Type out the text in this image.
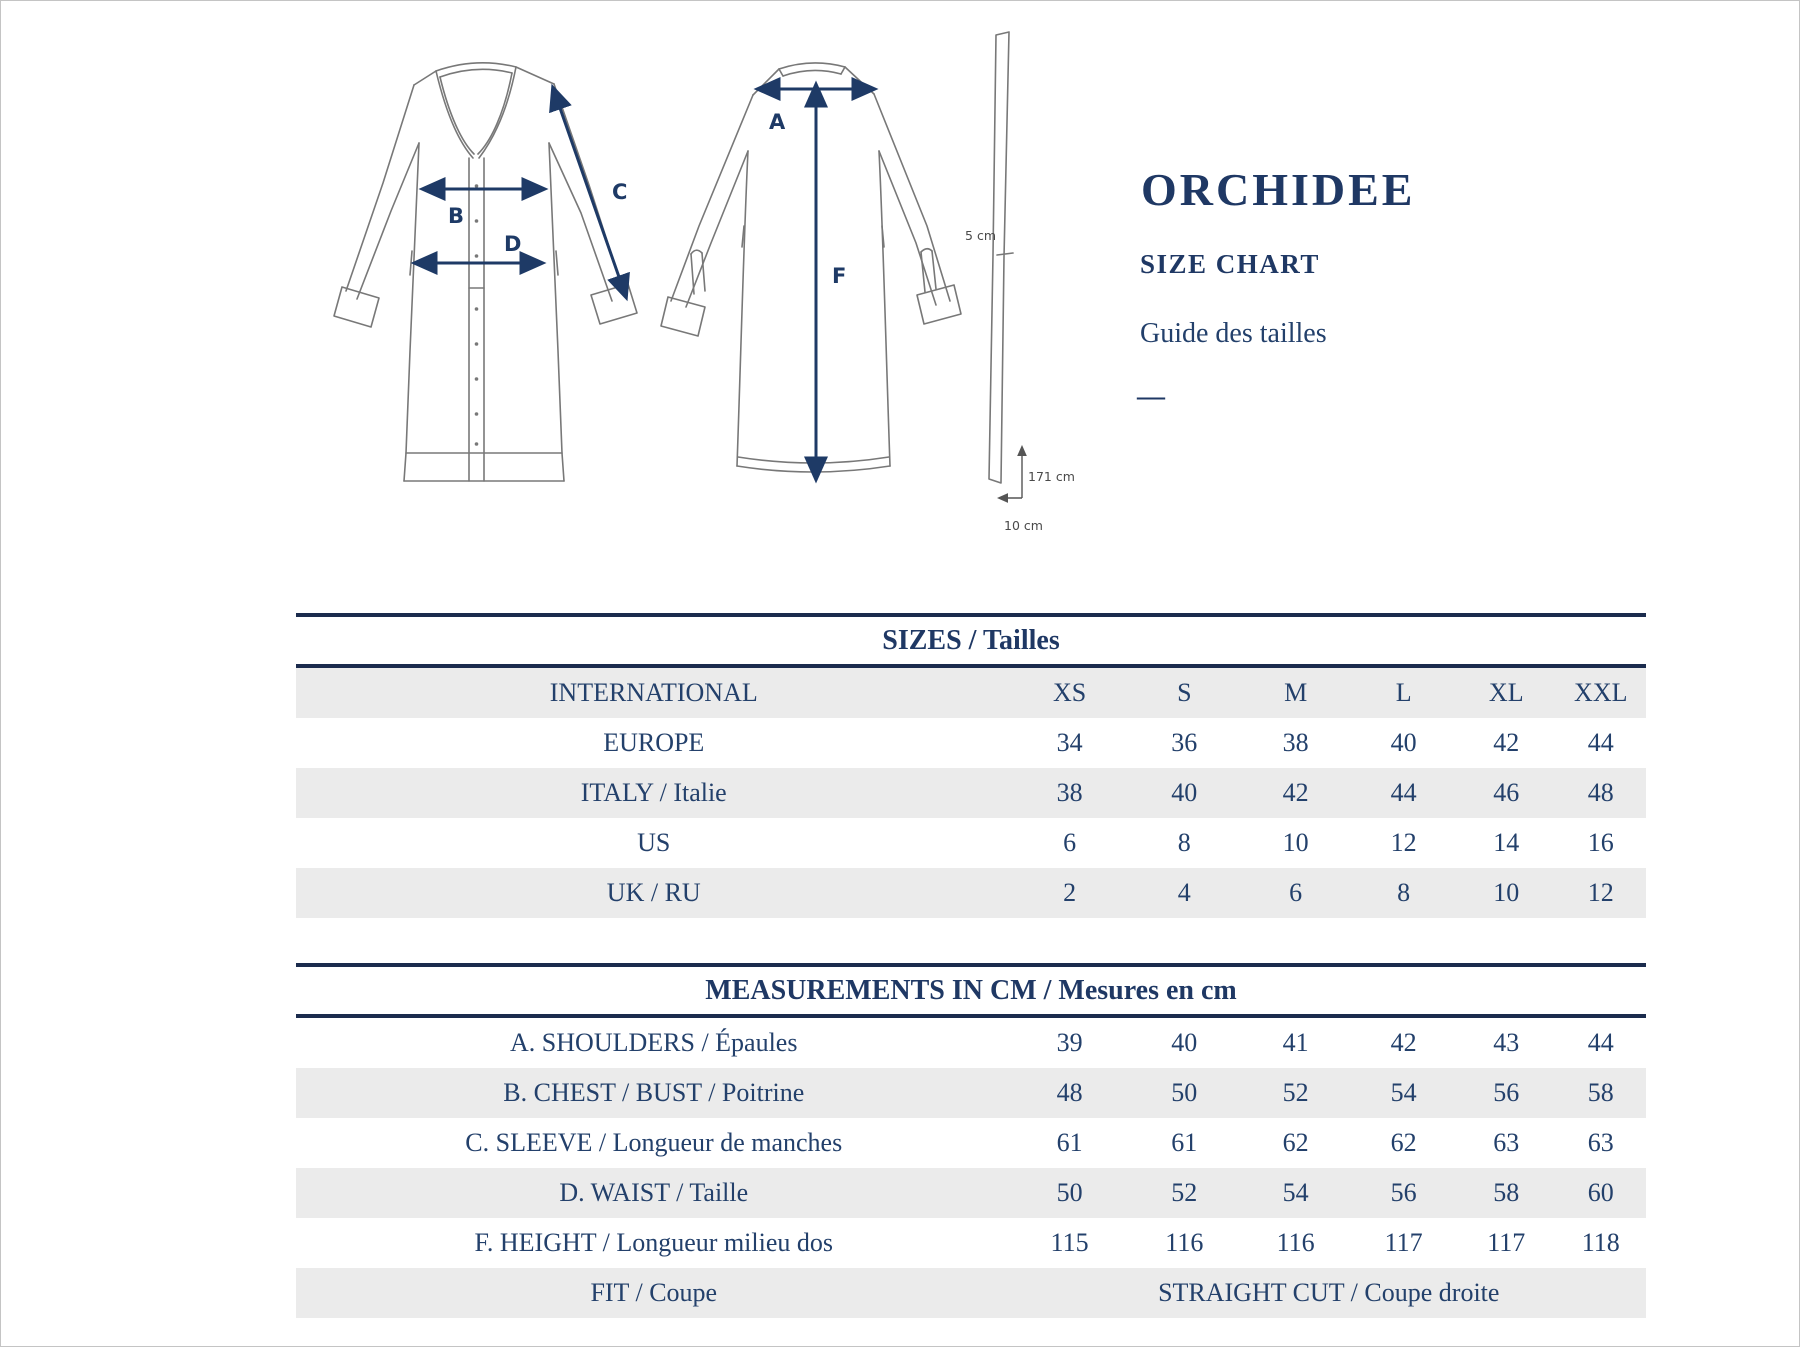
B
D
C
A
F
5 cm
171 cm
10 cm
ORCHIDEE
SIZE CHART
Guide des tailles
—
SIZES / Tailles
INTERNATIONAL	XS	S	M	L	XL	XXL
EUROPE	34	36	38	40	42	44
ITALY / Italie	38	40	42	44	46	48
US	6	8	10	12	14	16
UK / RU	2	4	6	8	10	12
MEASUREMENTS IN CM / Mesures en cm
A. SHOULDERS / Épaules	39	40	41	42	43	44
B. CHEST / BUST / Poitrine	48	50	52	54	56	58
C. SLEEVE / Longueur de manches	61	61	62	62	63	63
D. WAIST / Taille	50	52	54	56	58	60
F. HEIGHT / Longueur milieu dos	115	116	116	117	117	118
FIT / Coupe	STRAIGHT CUT / Coupe droite					
